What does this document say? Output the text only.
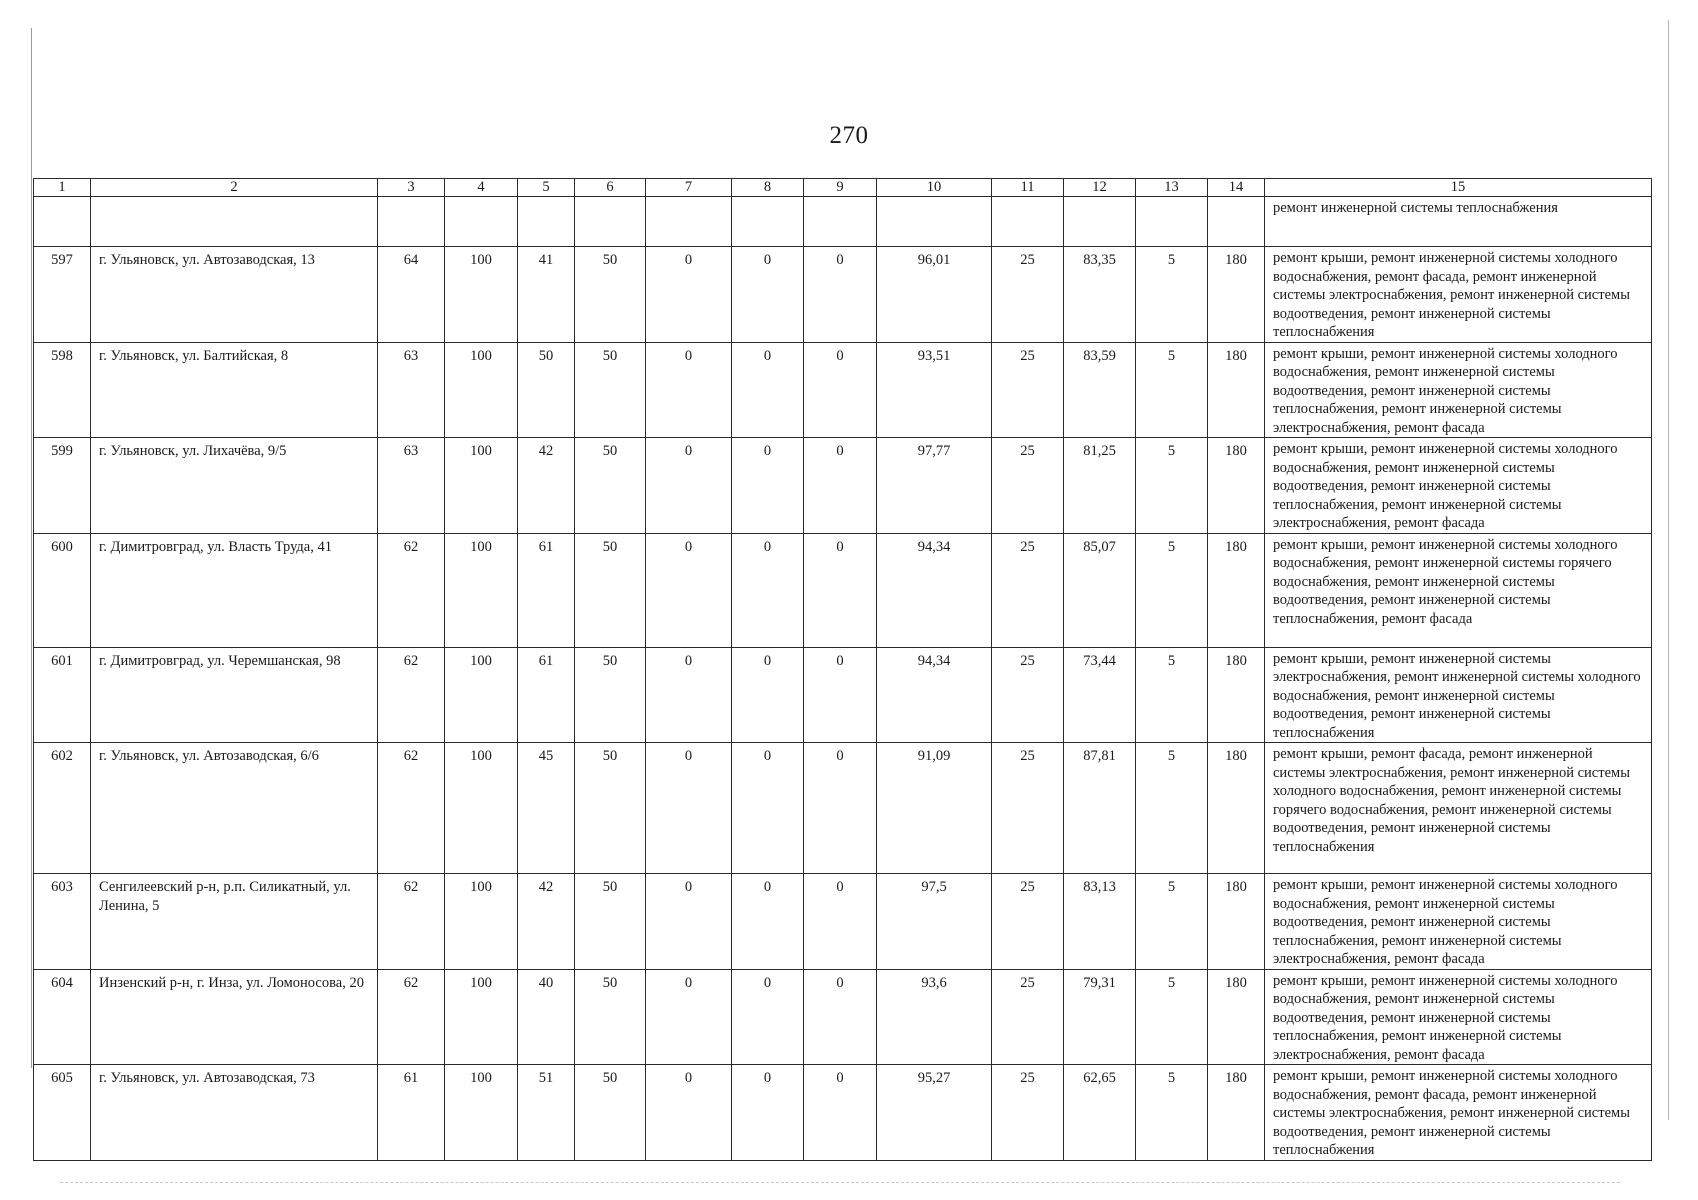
270
1	2	3	4	5	6	7	8	9	10	11	12	13	14	15
														ремонт инженерной системы теплоснабжения
597	г. Ульяновск, ул. Автозаводская, 13	64	100	41	50	0	0	0	96,01	25	83,35	5	180	ремонт крыши, ремонт инженерной системы холодного водоснабжения, ремонт фасада, ремонт инженерной системы электроснабжения, ремонт инженерной системы водоотведения, ремонт инженерной системы теплоснабжения
598	г. Ульяновск, ул. Балтийская, 8	63	100	50	50	0	0	0	93,51	25	83,59	5	180	ремонт крыши, ремонт инженерной системы холодного водоснабжения, ремонт инженерной системы водоотведения, ремонт инженерной системы теплоснабжения, ремонт инженерной системы электроснабжения, ремонт фасада
599	г. Ульяновск, ул. Лихачёва, 9/5	63	100	42	50	0	0	0	97,77	25	81,25	5	180	ремонт крыши, ремонт инженерной системы холодного водоснабжения, ремонт инженерной системы водоотведения, ремонт инженерной системы теплоснабжения, ремонт инженерной системы электроснабжения, ремонт фасада
600	г. Димитровград, ул. Власть Труда, 41	62	100	61	50	0	0	0	94,34	25	85,07	5	180	ремонт крыши, ремонт инженерной системы холодного водоснабжения, ремонт инженерной системы горячего водоснабжения, ремонт инженерной системы водоотведения, ремонт инженерной системы теплоснабжения, ремонт фасада
601	г. Димитровград, ул. Черемшанская, 98	62	100	61	50	0	0	0	94,34	25	73,44	5	180	ремонт крыши, ремонт инженерной системы электроснабжения, ремонт инженерной системы холодного водоснабжения, ремонт инженерной системы водоотведения, ремонт инженерной системы теплоснабжения
602	г. Ульяновск, ул. Автозаводская, 6/6	62	100	45	50	0	0	0	91,09	25	87,81	5	180	ремонт крыши, ремонт фасада, ремонт инженерной системы электроснабжения, ремонт инженерной системы холодного водоснабжения, ремонт инженерной системы горячего водоснабжения, ремонт инженерной системы водоотведения, ремонт инженерной системы теплоснабжения
603	Сенгилеевский р-н, р.п. Силикатный, ул. Ленина, 5	62	100	42	50	0	0	0	97,5	25	83,13	5	180	ремонт крыши, ремонт инженерной системы холодного водоснабжения, ремонт инженерной системы водоотведения, ремонт инженерной системы теплоснабжения, ремонт инженерной системы электроснабжения, ремонт фасада
604	Инзенский р-н, г. Инза, ул. Ломоносова, 20	62	100	40	50	0	0	0	93,6	25	79,31	5	180	ремонт крыши, ремонт инженерной системы холодного водоснабжения, ремонт инженерной системы водоотведения, ремонт инженерной системы теплоснабжения, ремонт инженерной системы электроснабжения, ремонт фасада
605	г. Ульяновск, ул. Автозаводская, 73	61	100	51	50	0	0	0	95,27	25	62,65	5	180	ремонт крыши, ремонт инженерной системы холодного водоснабжения, ремонт фасада, ремонт инженерной системы электроснабжения, ремонт инженерной системы водоотведения, ремонт инженерной системы теплоснабжения
